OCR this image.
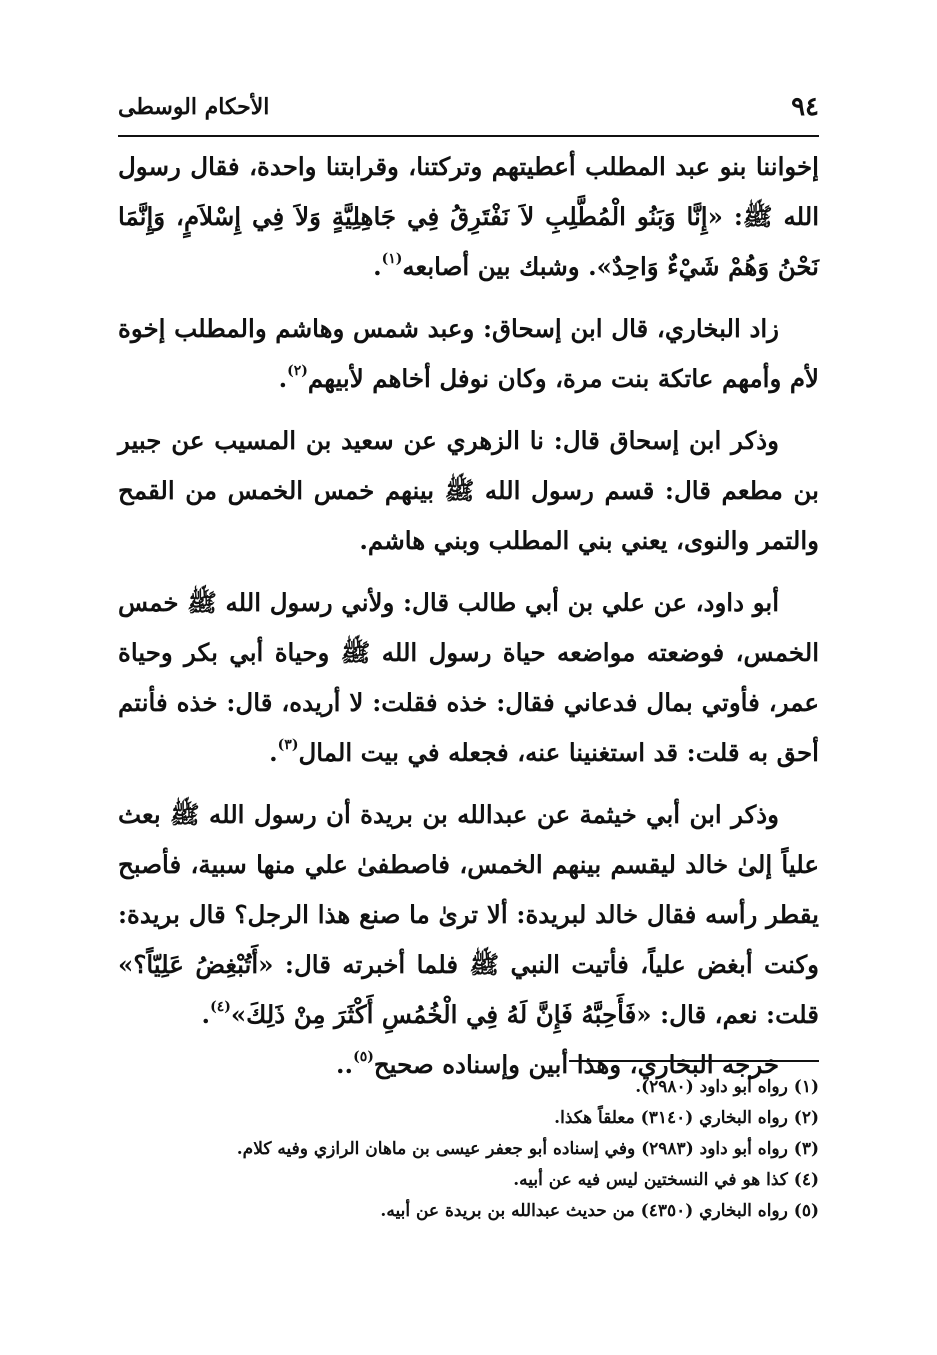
الأحكام الوسطى	٩٤

إخواننا بنو عبد المطلب أعطيتهم وتركتنا، وقرابتنا واحدة، فقال رسول الله ﷺ: «إِنَّا وَبَنُو الْمُطَّلِبِ لاَ نَفْتَرِقُ فِي جَاهِلِيَّةٍ وَلاَ فِي إِسْلاَمٍ، وَإِنَّمَا نَحْنُ وَهُمْ شَيْءٌ وَاحِدٌ». وشبك بين أصابعه$^{(١)}$.

زاد البخاري، قال ابن إسحاق: وعبد شمس وهاشم والمطلب إخوة لأم وأمهم عاتكة بنت مرة، وكان نوفل أخاهم لأبيهم$^{(٢)}$.

وذكر ابن إسحاق قال: نا الزهري عن سعيد بن المسيب عن جبير بن مطعم قال: قسم رسول الله ﷺ بينهم خمس الخمس من القمح والتمر والنوى، يعني بني المطلب وبني هاشم.

أبو داود، عن علي بن أبي طالب قال: ولأني رسول الله ﷺ خمس الخمس، فوضعته مواضعه حياة رسول الله ﷺ وحياة أبي بكر وحياة عمر، فأوتي بمال فدعاني فقال: خذه فقلت: لا أريده، قال: خذه فأنتم أحق به قلت: قد استغنينا عنه، فجعله في بيت المال$^{(٣)}$.

وذكر ابن أبي خيثمة عن عبدالله بن بريدة أن رسول الله ﷺ بعث علياً إلىٰ خالد ليقسم بينهم الخمس، فاصطفىٰ علي منها سبية، فأصبح يقطر رأسه فقال خالد لبريدة: ألا ترىٰ ما صنع هذا الرجل؟ قال بريدة: وكنت أبغض علياً، فأتيت النبي ﷺ فلما أخبرته قال: «أَتُبْغِضُ عَلِيّاً؟» قلت: نعم، قال: «فَأَحِبَّهُ فَإِنَّ لَهُ فِي الْخُمُسِ أَكْثَرَ مِنْ ذَلِكَ»$^{(٤)}$.

خرجه البخاري، وهذا أبين وإسناده صحيح$^{(٥)}$..

(١) رواه أبو داود (٢٩٨٠).
(٢) رواه البخاري (٣١٤٠) معلقاً هكذا.
(٣) رواه أبو داود (٢٩٨٣) وفي إسناده أبو جعفر عيسى بن ماهان الرازي وفيه كلام.
(٤) كذا هو في النسختين ليس فيه عن أبيه.
(٥) رواه البخاري (٤٣٥٠) من حديث عبدالله بن بريدة عن أبيه.
